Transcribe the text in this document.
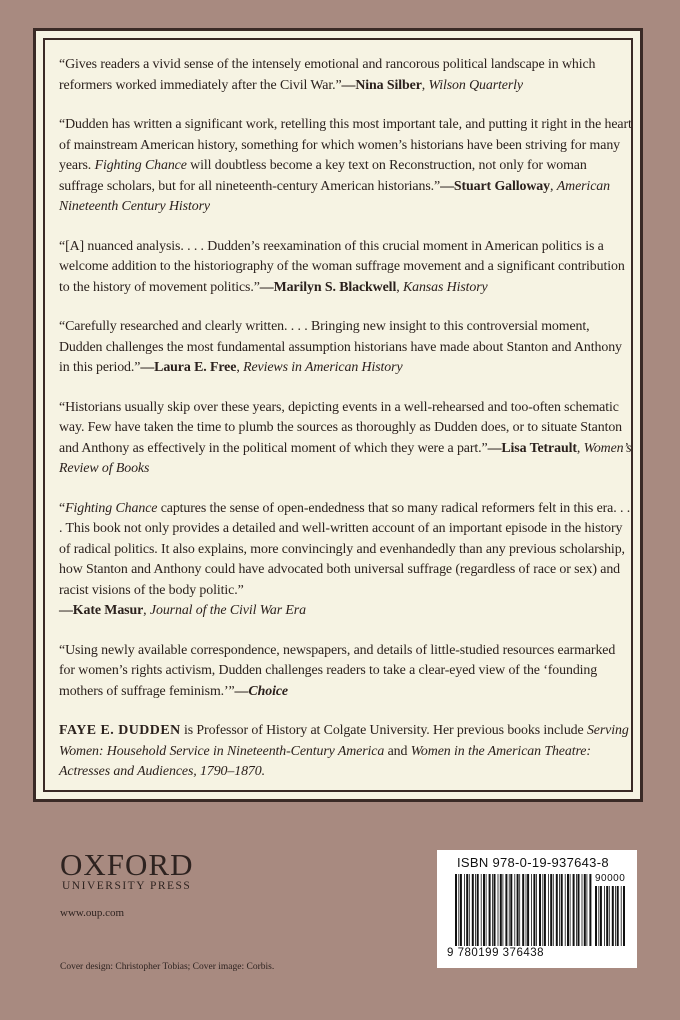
“Gives readers a vivid sense of the intensely emotional and rancorous political landscape in which reformers worked immediately after the Civil War.”—Nina Silber, Wilson Quarterly

“Dudden has written a significant work, retelling this most important tale, and putting it right in the heart of mainstream American history, something for which women’s historians have been striving for many years. Fighting Chance will doubtless become a key text on Reconstruction, not only for woman suffrage scholars, but for all nineteenth-century American historians.”—Stuart Galloway, American Nineteenth Century History

“[A] nuanced analysis. . . . Dudden’s reexamination of this crucial moment in American politics is a welcome addition to the historiography of the woman suffrage movement and a significant contribution to the history of movement politics.”—Marilyn S. Blackwell, Kansas History

“Carefully researched and clearly written. . . . Bringing new insight to this controversial moment, Dudden challenges the most fundamental assumption historians have made about Stanton and Anthony in this period.”—Laura E. Free, Reviews in American History

“Historians usually skip over these years, depicting events in a well-rehearsed and too-often schematic way. Few have taken the time to plumb the sources as thoroughly as Dudden does, or to situate Stanton and Anthony as effectively in the political moment of which they were a part.”—Lisa Tetrault, Women’s Review of Books

“Fighting Chance captures the sense of open-endedness that so many radical reformers felt in this era. . . . This book not only provides a detailed and well-written account of an important episode in the history of radical politics. It also explains, more convincingly and evenhandedly than any previous scholarship, how Stanton and Anthony could have advocated both universal suffrage (regardless of race or sex) and racist visions of the body politic.”
—Kate Masur, Journal of the Civil War Era

“Using newly available correspondence, newspapers, and details of little-studied resources earmarked for women’s rights activism, Dudden challenges readers to take a clear-eyed view of the ‘founding mothers of suffrage feminism.’”—Choice

FAYE E. DUDDEN is Professor of History at Colgate University. Her previous books include Serving Women: Household Service in Nineteenth-Century America and Women in the American Theatre: Actresses and Audiences, 1790–1870.

OXFORD
UNIVERSITY PRESS
www.oup.com
Cover design: Christopher Tobias; Cover image: Corbis.
ISBN 978-0-19-937643-8
90000
9 780199 376438
